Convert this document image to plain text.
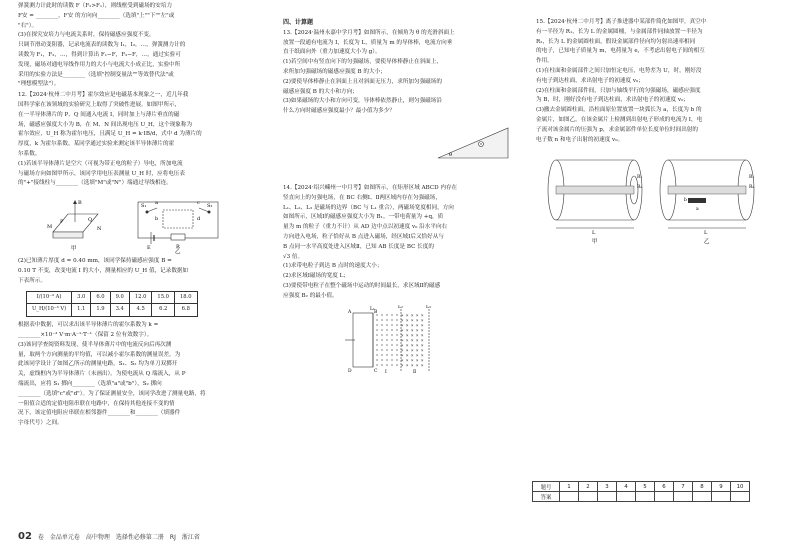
弹簧测力计此时的读数 F（F₂>F₁），则线框受到磁场的安培力

F安 = ________，F安 的方向向________（选填"上""下""左"或

"右"）。

(3)在探究安培力与电流关系时，保持磁感应强度不变，

只调节滑动变阻器，记录电流表的读数为 I₁，I₂，…，弹簧测力计的

读数为 F₁，F₂，…，得到计算出 F₁−F，F₂−F，…，通过实验可

发现，磁场对通电导线作用力的大小与电流大小成正比，实验中所

采用的实验方法是________（选填"控制变量法""等效替代法"或

"理想模型法"）。

12.【2024·杭州二中月考】霍尔效应是电磁基本现象之一，近几年我

国科学家在该领域的实验研究上取得了突破性进展。如图甲所示，

在一半导体薄片的 P、Q 间通入电流 I，同时加上与薄片垂直的磁

场，磁感应强度大小为 B，在 M、N 间出现电压 U_H，这个现象称为

霍尔效应，U_H 称为霍尔电压，且满足 U_H = k·IB/d，式中 d 为薄片的

厚度，k 为霍尔系数。某同学通过实验来测定该半导体薄片的霍

尔系数。

(1)若该半导体薄片是空穴（可视为带正电的粒子）导电，所加电流

与磁场方向如图甲所示，该同学用电压表测量 U_H 时，应将电压表

的"+"接线柱与________（选填"M"或"N"）端通过导线相连。

B
M	N
P	Q
甲
S₁	S₂
E	R
a
b
c
d
乙

(2)已知薄片厚度 d = 0.40 mm，该同学保持磁感应强度 B =

0.10 T 不变，改变电流 I 的大小，测量相应的 U_H 值，记录数据如

下表所示。

I/(10⁻³ A)	3.0	6.0	9.0	12.0	15.0	18.0
U_H/(10⁻³ V)	1.1	1.9	3.4	4.5	6.2	6.8

根据表中数据，可以求出该半导体薄片的霍尔系数为 k =

________×10⁻³ V·m·A⁻¹·T⁻¹（保留 2 位有效数字）。

(3)该同学查阅资料发现，使半导体薄片中的电流反向后再次测

量，取两个方向测量的平均值，可以减小霍尔系数的测量误差，为

此该同学设计了如图乙所示的测量电路，S₁、S₂ 均为单刀双掷开

关，虚线框内为半导体薄片（未画出）。为使电流从 Q 端流入，从 P

端流出，应将 S₁ 掷向________（选填"a"或"b"），S₂ 掷向

________（选填"c"或"d"）。为了保证测量安全，该同学改进了测量电路，将

一阻值合适的定值电阻串联在电路中，在保持其他连接不变的情

况下，该定值电阻应串联在相邻器件________和________（填器件

字母代号）之间。

四、计算题

13.【2024·温州永嘉中学月考】如图所示，在倾角为 θ 的光滑斜面上

放置一段通有电流为 I，长度为 L，质量为 m 的导体棒，电流方向垂

直于纸面向外（重力加速度大小为 g）。

(1)若空间中有竖直向下的匀强磁场，要使导体棒静止在斜面上，

求所加匀强磁场的磁感应强度 B 的大小；

(2)要使导体棒静止在斜面上且对斜面无压力，求所加匀强磁场的

磁感应强度 B 的大小和方向；

(3)如果磁场的大小和方向可变，导体棒依然静止，则匀强磁场沿

什么方向时磁感应强度最小？最小值为多少？

θ

14.【2024·绍兴嵊州一中月考】如图所示，在矩形区域 ABCD 内存在

竖直向上的匀强电场，在 BC 右侧Ⅰ、Ⅱ两区域内存在匀强磁场，

L₁、L₂、L₃ 是磁场的边界（BC 与 L₁ 重合），两磁场宽度相同，方向

如图所示，区域Ⅰ的磁感应强度大小为 B₁。一带电荷量为 +q，质

量为 m 的粒子（重力不计）从 AD 边中点以初速度 v₀ 沿水平向右

方向进入电场，粒子恰好从 B 点进入磁场，经区域Ⅰ后又恰好从与

B 点同一水平高度处进入区域Ⅱ，已知 AB 长度是 BC 长度的

√3 倍。

(1)求带电粒子到达 B 点时的速度大小；

(2)求区域Ⅰ磁场的宽度 L；

(3)要使带电粒子在整个磁场中运动的时间最长，求区域Ⅱ的磁感

应强度 B₂ 的最小值。

×
×
×
×
×
×
×
×
×
×
×
×
×
×
×
×
×
×
×
×
×
×
×
×
×
×
×
×
×
×
×
×
×
×
×
×
×
×
×
×
×
×
×
×
×
×
×
×
×
×
×
×
×
×
×
L₁	L₂	L₃
A	B
C
D	Ⅰ	Ⅱ

15.【2024·杭州二中月考】离子推进器中某部件简化如图甲，真空中

有一半径为 R₁，长为 L 的金属圆桶，与金属部件同轴放置一半径为

R₂，长为 L 的金属圆柱面，假设金属部件径向均匀射出速率相同

的电子，已知电子质量为 m，电荷量为 e，不考虑出射电子间的相互

作用。

(1)在柱面和金属部件之间只加恒定电压，电势差为 U，时，刚好没

有电子到达柱面，求出射电子的初速度 v₀；

(2)在柱面和金属部件间，只加与轴线平行的匀强磁场，磁感应强度

为 B，时，刚好没有电子到达柱面，求出射电子的初速度 v₀；

(3)撤去金属圆柱面，沿柱面原位置放置一块弧长为 a，长度为 b 的

金属片，如图乙。在该金属片上检测到出射电子形成的电流为 I，电

子流对该金属片的压强为 p，求金属部件单位长度单位时间出射的

电子数 n 和电子出射的初速度 v₀。

L
甲
R₁
R₂
L
乙
R₁
R₂
b
a
题号	1	2	3	4	5	6	7	8	9	10
答案										
02 卷 金品单元卷 高中物理 选择性必修第二册 RJ 浙江省
